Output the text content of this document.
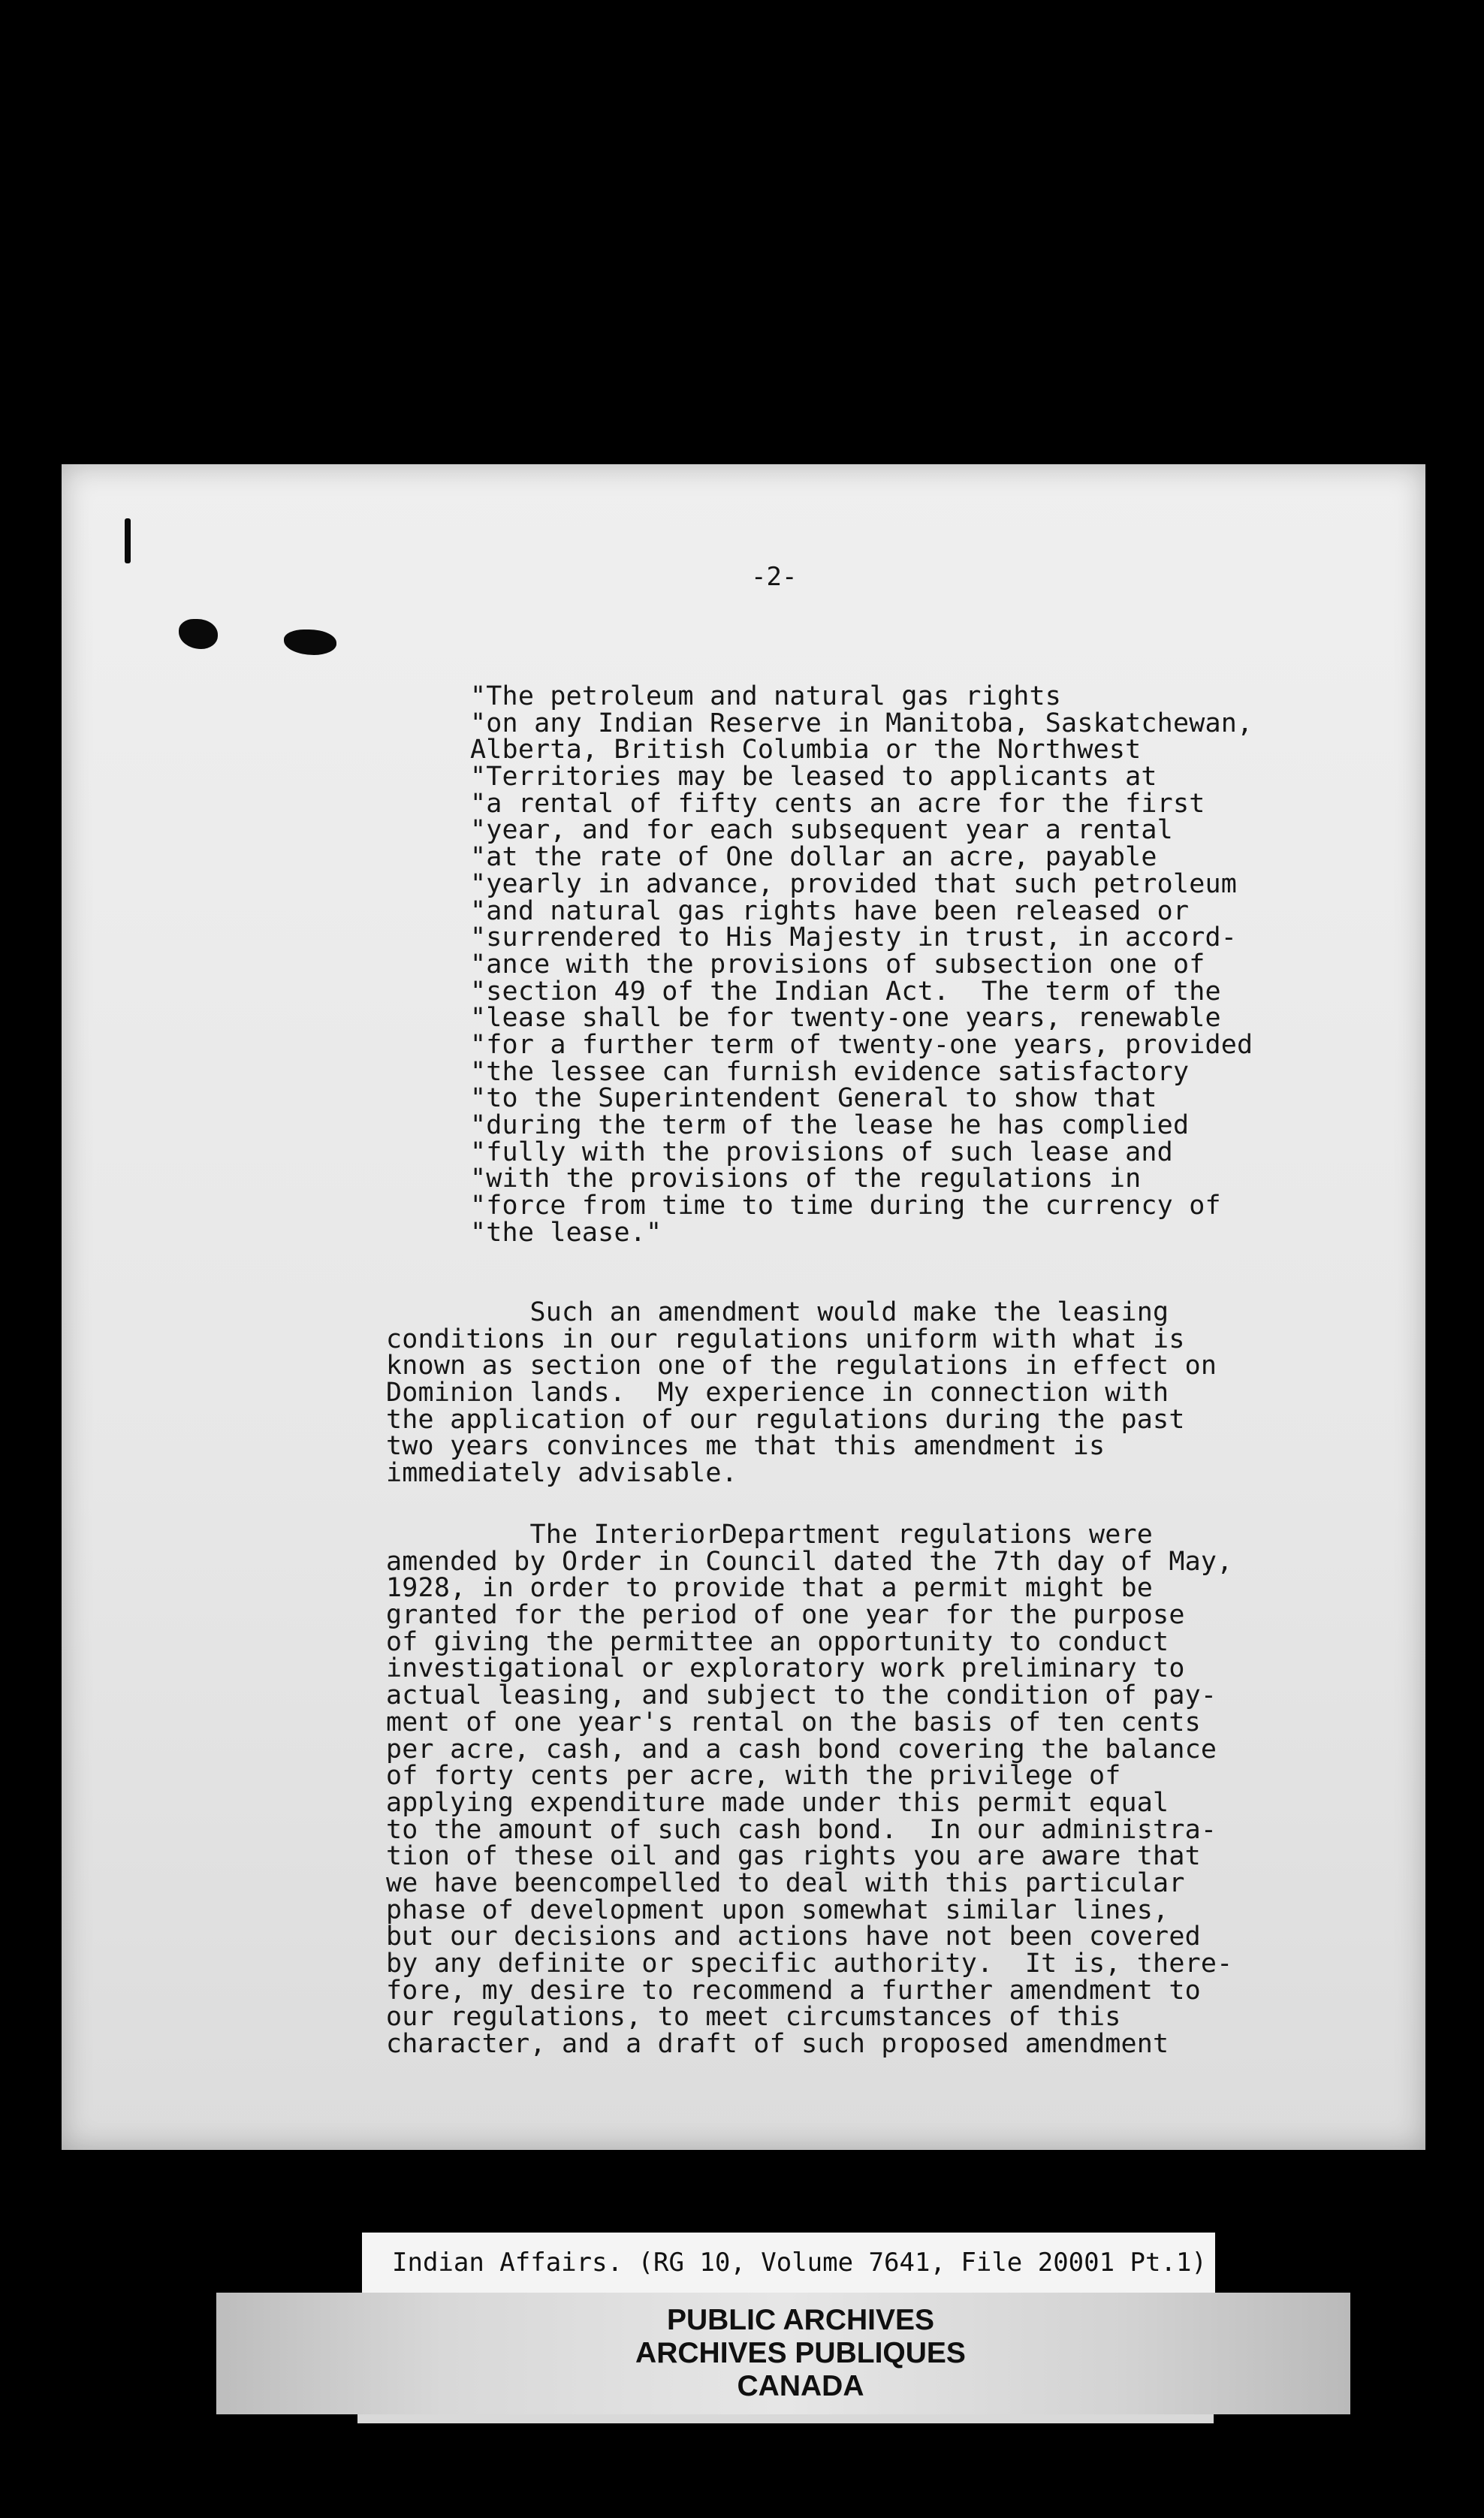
-2-
"The petroleum and natural gas rights
"on any Indian Reserve in Manitoba, Saskatchewan,
Alberta, British Columbia or the Northwest
"Territories may be leased to applicants at
"a rental of fifty cents an acre for the first
"year, and for each subsequent year a rental
"at the rate of One dollar an acre, payable
"yearly in advance, provided that such petroleum
"and natural gas rights have been released or
"surrendered to His Majesty in trust, in accord-
"ance with the provisions of subsection one of
"section 49 of the Indian Act.  The term of the
"lease shall be for twenty-one years, renewable
"for a further term of twenty-one years, provided
"the lessee can furnish evidence satisfactory
"to the Superintendent General to show that
"during the term of the lease he has complied
"fully with the provisions of such lease and
"with the provisions of the regulations in
"force from time to time during the currency of
"the lease."
Such an amendment would make the leasing
conditions in our regulations uniform with what is
known as section one of the regulations in effect on
Dominion lands.  My experience in connection with
the application of our regulations during the past
two years convinces me that this amendment is
immediately advisable.
The InteriorDepartment regulations were
amended by Order in Council dated the 7th day of May,
1928, in order to provide that a permit might be
granted for the period of one year for the purpose
of giving the permittee an opportunity to conduct
investigational or exploratory work preliminary to
actual leasing, and subject to the condition of pay-
ment of one year's rental on the basis of ten cents
per acre, cash, and a cash bond covering the balance
of forty cents per acre, with the privilege of
applying expenditure made under this permit equal
to the amount of such cash bond.  In our administra-
tion of these oil and gas rights you are aware that
we have beencompelled to deal with this particular
phase of development upon somewhat similar lines,
but our decisions and actions have not been covered
by any definite or specific authority.  It is, there-
fore, my desire to recommend a further amendment to
our regulations, to meet circumstances of this
character, and a draft of such proposed amendment
Indian Affairs. (RG 10, Volume 7641, File 20001 Pt.1)
PUBLIC ARCHIVES
ARCHIVES PUBLIQUES
CANADA
